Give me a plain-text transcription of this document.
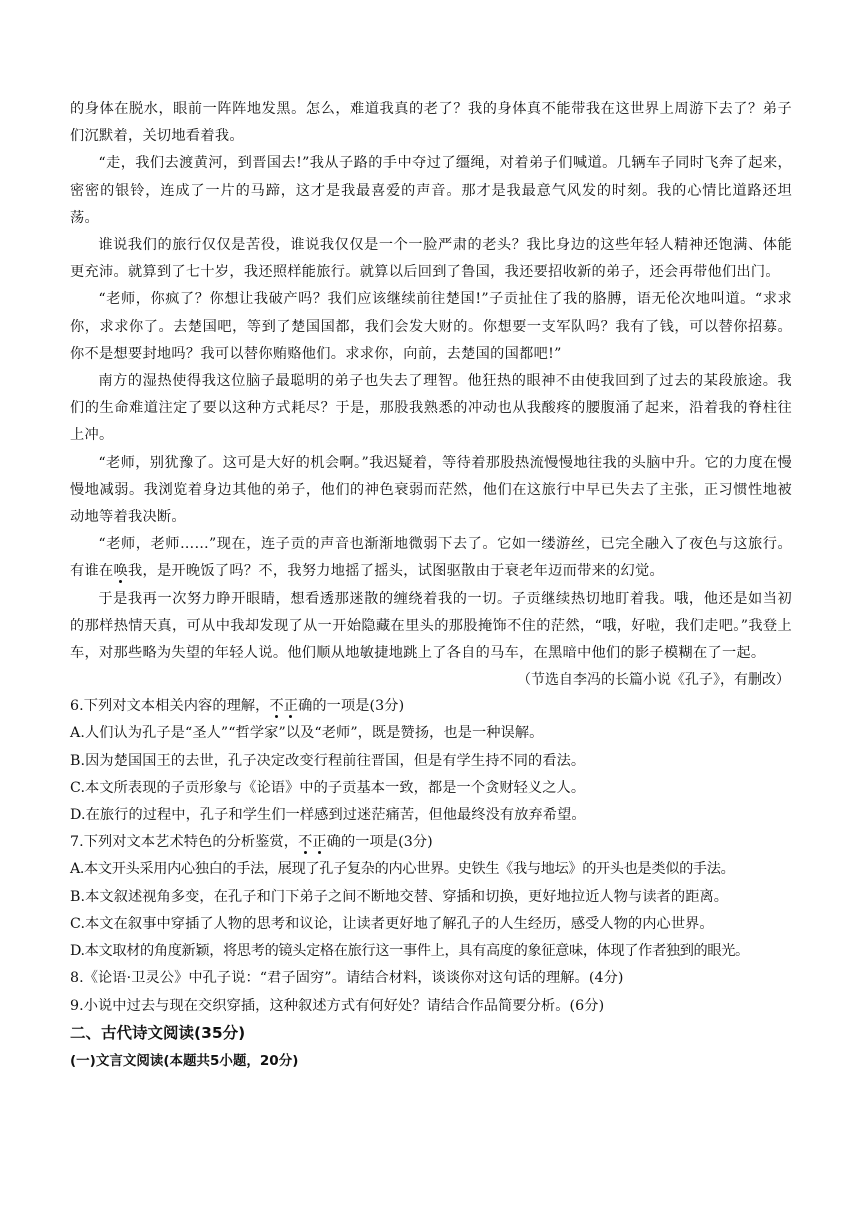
的身体在脱水，眼前一阵阵地发黑。怎么，难道我真的老了？我的身体真不能带我在这世界上周游下去了？弟子们沉默着，关切地看着我。

“走，我们去渡黄河，到晋国去!”我从子路的手中夺过了缰绳，对着弟子们喊道。几辆车子同时飞奔了起来，密密的银铃，连成了一片的马蹄，这才是我最喜爱的声音。那才是我最意气风发的时刻。我的心情比道路还坦荡。

谁说我们的旅行仅仅是苦役，谁说我仅仅是一个一脸严肃的老头？我比身边的这些年轻人精神还饱满、体能更充沛。就算到了七十岁，我还照样能旅行。就算以后回到了鲁国，我还要招收新的弟子，还会再带他们出门。

“老师，你疯了？你想让我破产吗？我们应该继续前往楚国!”子贡扯住了我的胳膊，语无伦次地叫道。“求求你，求求你了。去楚国吧，等到了楚国国都，我们会发大财的。你想要一支军队吗？我有了钱，可以替你招募。你不是想要封地吗？我可以替你贿赂他们。求求你，向前，去楚国的国都吧!”

南方的湿热使得我这位脑子最聪明的弟子也失去了理智。他狂热的眼神不由使我回到了过去的某段旅途。我们的生命难道注定了要以这种方式耗尽？于是，那股我熟悉的冲动也从我酸疼的腰腹涌了起来，沿着我的脊柱往上冲。

“老师，别犹豫了。这可是大好的机会啊。”我迟疑着，等待着那股热流慢慢地往我的头脑中升。它的力度在慢慢地减弱。我浏览着身边其他的弟子，他们的神色衰弱而茫然，他们在这旅行中早已失去了主张，正习惯性地被动地等着我决断。

“老师，老师……”现在，连子贡的声音也渐渐地微弱下去了。它如一缕游丝，已完全融入了夜色与这旅行。有谁在唤我，是开晚饭了吗？不，我努力地摇了摇头，试图驱散由于衰老年迈而带来的幻觉。

于是我再一次努力睁开眼睛，想看透那迷散的缠绕着我的一切。子贡继续热切地盯着我。哦，他还是如当初的那样热情天真，可从中我却发现了从一开始隐藏在里头的那股掩饰不住的茫然，“哦，好啦，我们走吧。”我登上车，对那些略为失望的年轻人说。他们顺从地敏捷地跳上了各自的马车，在黑暗中他们的影子模糊在了一起。

（节选自李冯的长篇小说《孔子》，有删改）

6.下列对文本相关内容的理解，不正确的一项是(3分)

A.人们认为孔子是“圣人”“哲学家”以及“老师”，既是赞扬，也是一种误解。

B.因为楚国国王的去世，孔子决定改变行程前往晋国，但是有学生持不同的看法。

C.本文所表现的子贡形象与《论语》中的子贡基本一致，都是一个贪财轻义之人。

D.在旅行的过程中，孔子和学生们一样感到过迷茫痛苦，但他最终没有放弃希望。

7.下列对文本艺术特色的分析鉴赏，不正确的一项是(3分)

A.本文开头采用内心独白的手法，展现了孔子复杂的内心世界。史铁生《我与地坛》的开头也是类似的手法。

B.本文叙述视角多变，在孔子和门下弟子之间不断地交替、穿插和切换，更好地拉近人物与读者的距离。

C.本文在叙事中穿插了人物的思考和议论，让读者更好地了解孔子的人生经历，感受人物的内心世界。

D.本文取材的角度新颖，将思考的镜头定格在旅行这一事件上，具有高度的象征意味，体现了作者独到的眼光。

8.《论语·卫灵公》中孔子说：“君子固穷”。请结合材料，谈谈你对这句话的理解。(4分)

9.小说中过去与现在交织穿插，这种叙述方式有何好处？请结合作品简要分析。(6分)

二、古代诗文阅读(35分)

(一)文言文阅读(本题共5小题，20分)
